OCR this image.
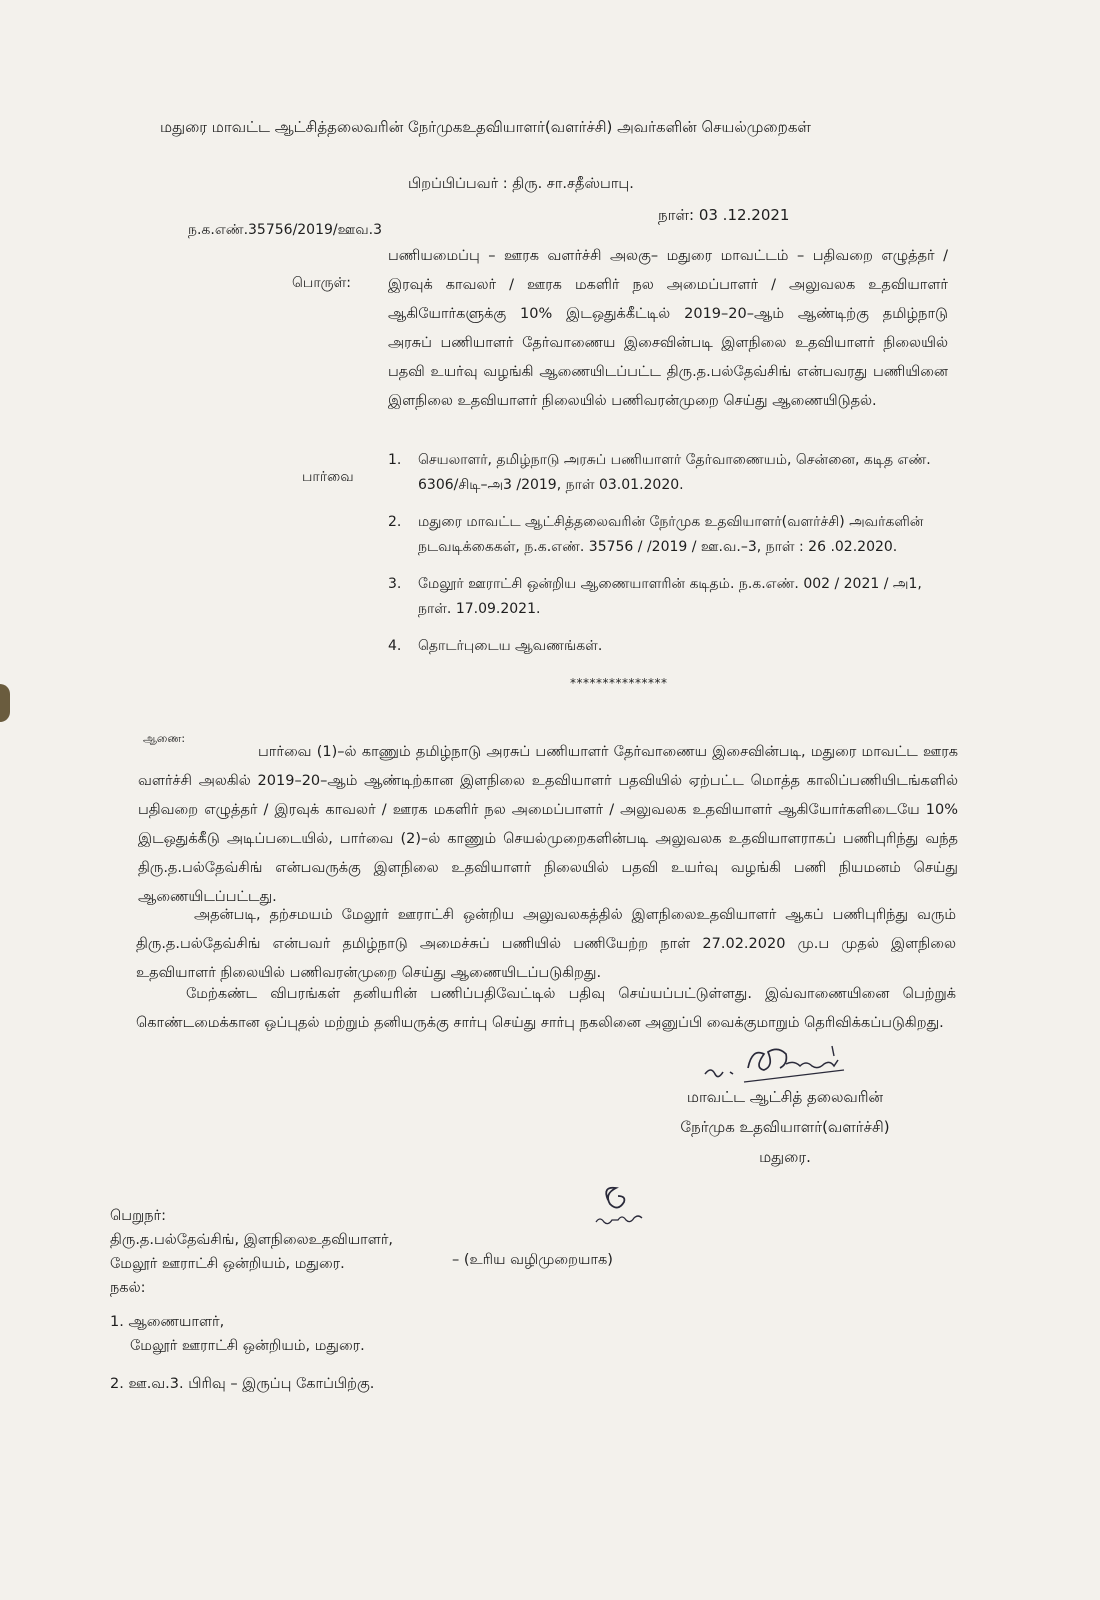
மதுரை மாவட்ட ஆட்சித்தலைவரின் நேர்முகஉதவியாளர்(வளர்ச்சி) அவர்களின் செயல்முறைகள்
பிறப்பிப்பவர் : திரு. சா.சதீஸ்பாபு.
ந.க.எண்.35756/2019/ஊவ.3
நாள்: 03 .12.2021
பொருள்:
பணியமைப்பு – ஊரக வளர்ச்சி அலகு– மதுரை மாவட்டம் – பதிவறை எழுத்தர் / இரவுக் காவலர் / ஊரக மகளிர் நல அமைப்பாளர் / அலுவலக உதவியாளர் ஆகியோர்களுக்கு 10% இடஒதுக்கீட்டில் 2019–20–ஆம் ஆண்டிற்கு தமிழ்நாடு அரசுப் பணியாளர் தேர்வாணைய இசைவின்படி இளநிலை உதவியாளர் நிலையில் பதவி உயர்வு வழங்கி ஆணையிடப்பட்ட திரு.த.பல்தேவ்சிங் என்பவரது பணியினை இளநிலை உதவியாளர் நிலையில் பணிவரன்முறை செய்து ஆணையிடுதல்.
பார்வை
1. செயலாளர், தமிழ்நாடு அரசுப் பணியாளர் தேர்வாணையம், சென்னை, கடித எண். 6306/சிடி–அ3 /2019, நாள் 03.01.2020.
2. மதுரை மாவட்ட ஆட்சித்தலைவரின் நேர்முக உதவியாளர்(வளர்ச்சி) அவர்களின் நடவடிக்கைகள், ந.க.எண். 35756 / /2019 / ஊ.வ.–3, நாள் : 26 .02.2020.
3. மேலூர் ஊராட்சி ஒன்றிய ஆணையாளரின் கடிதம். ந.க.எண். 002 / 2021 / அ1, நாள். 17.09.2021.
4. தொடர்புடைய ஆவணங்கள்.
***************
ஆணை:
பார்வை (1)–ல் காணும் தமிழ்நாடு அரசுப் பணியாளர் தேர்வாணைய இசைவின்படி, மதுரை மாவட்ட ஊரக வளர்ச்சி அலகில் 2019–20–ஆம் ஆண்டிற்கான இளநிலை உதவியாளர் பதவியில் ஏற்பட்ட மொத்த காலிப்பணியிடங்களில் பதிவறை எழுத்தர் / இரவுக் காவலர் / ஊரக மகளிர் நல அமைப்பாளர் / அலுவலக உதவியாளர் ஆகியோர்களிடையே 10% இடஒதுக்கீடு அடிப்படையில், பார்வை (2)–ல் காணும் செயல்முறைகளின்படி அலுவலக உதவியாளராகப் பணிபுரிந்து வந்த திரு.த.பல்தேவ்சிங் என்பவருக்கு இளநிலை உதவியாளர் நிலையில் பதவி உயர்வு வழங்கி பணி நியமனம் செய்து ஆணையிடப்பட்டது.
அதன்படி, தற்சமயம் மேலூர் ஊராட்சி ஒன்றிய அலுவலகத்தில் இளநிலைஉதவியாளர் ஆகப் பணிபுரிந்து வரும் திரு.த.பல்தேவ்சிங் என்பவர் தமிழ்நாடு அமைச்சுப் பணியில் பணியேற்ற நாள் 27.02.2020 மு.ப முதல் இளநிலை உதவியாளர் நிலையில் பணிவரன்முறை செய்து ஆணையிடப்படுகிறது.
மேற்கண்ட விபரங்கள் தனியரின் பணிப்பதிவேட்டில் பதிவு செய்யப்பட்டுள்ளது. இவ்வாணையினை பெற்றுக் கொண்டமைக்கான ஒப்புதல் மற்றும் தனியருக்கு சார்பு செய்து சார்பு நகலினை அனுப்பி வைக்குமாறும் தெரிவிக்கப்படுகிறது.
மாவட்ட ஆட்சித் தலைவரின்
நேர்முக உதவியாளர்(வளர்ச்சி)
மதுரை.
பெறுநர்:
திரு.த.பல்தேவ்சிங், இளநிலைஉதவியாளர்,
மேலூர் ஊராட்சி ஒன்றியம், மதுரை.
நகல்:
1. ஆணையாளர்,
மேலூர் ஊராட்சி ஒன்றியம், மதுரை.
2. ஊ.வ.3. பிரிவு – இருப்பு கோப்பிற்கு.
– (உரிய வழிமுறையாக)
